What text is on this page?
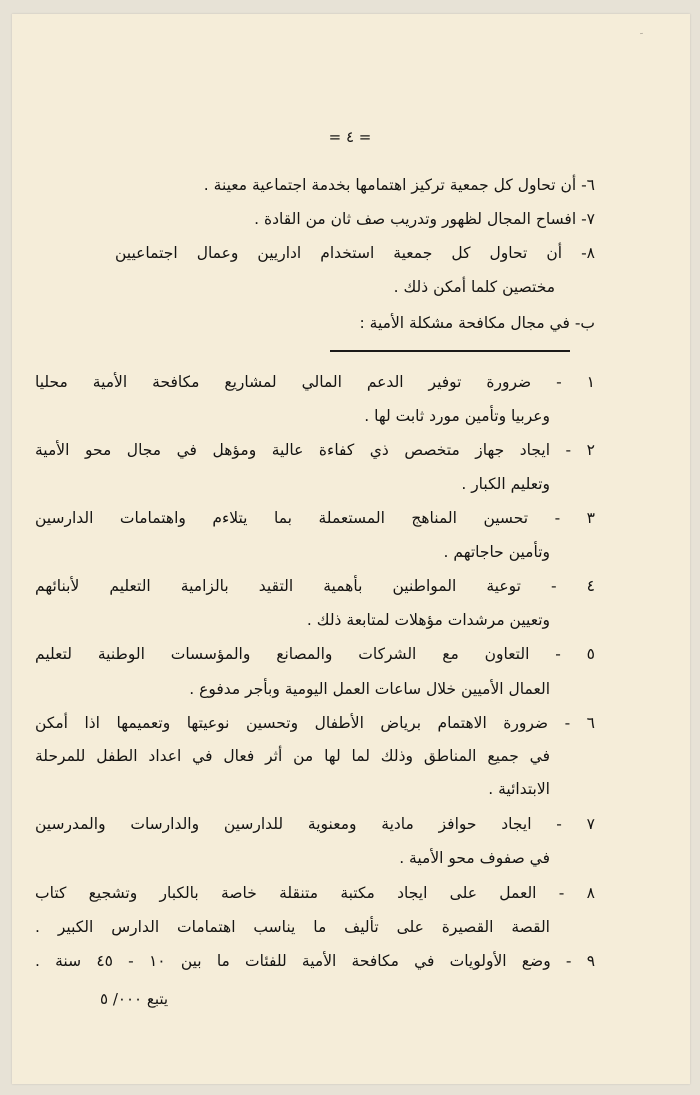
ﹶ
= ٤ =
٦- أن تحاول كل جمعية تركيز اهتمامها بخدمة اجتماعية معينة .
٧- افساح المجال لظهور وتدريب صف ثان من القادة .
٨- أن تحاول كل جمعية استخدام اداريين وعمال اجتماعيين
مختصين كلما أمكن ذلك .
ب- في مجال مكافحة مشكلة الأمية :
١ - ضرورة توفير الدعم المالي لمشاريع مكافحة الأمية محليا
وعربيا وتأمين مورد ثابت لها .
٢ - ايجاد جهاز متخصص ذي كفاءة عالية ومؤهل في مجال محو الأمية
وتعليم الكبار .
٣ - تحسين المناهج المستعملة بما يتلاءم واهتمامات الدارسين
وتأمين حاجاتهم .
٤ - توعية المواطنين بأهمية التقيد بالزامية التعليم لأبنائهم
وتعيين مرشدات مؤهلات لمتابعة ذلك .
٥ - التعاون مع الشركات والمصانع والمؤسسات الوطنية لتعليم
العمال الأميين خلال ساعات العمل اليومية وبأجر مدفوع .
٦ - ضرورة الاهتمام برياض الأطفال وتحسين نوعيتها وتعميمها اذا أمكن
في جميع المناطق وذلك لما لها من أثر فعال في اعداد الطفل للمرحلة
الابتدائية .
٧ - ايجاد حوافز مادية ومعنوية للدارسين والدارسات والمدرسين
في صفوف محو الأمية .
٨ - العمل على ايجاد مكتبة متنقلة خاصة بالكبار وتشجيع كتاب
القصة القصيرة على تأليف ما يناسب اهتمامات الدارس الكبير .
٩ - وضع الأولويات في مكافحة الأمية للفئات ما بين ١٠ - ٤٥ سنة .
يتبع ٠٠٠/ ٥
